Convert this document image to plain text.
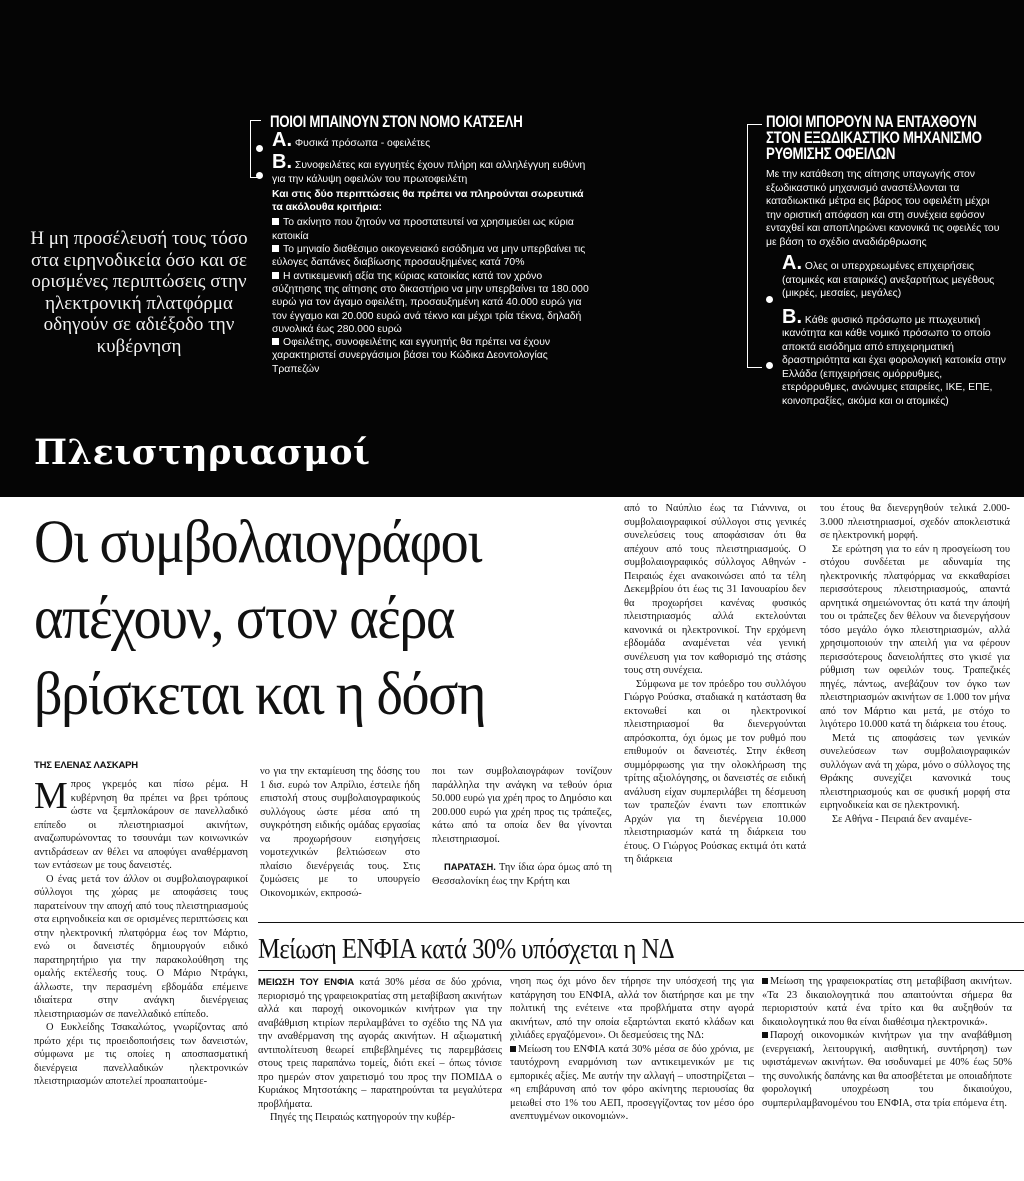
Η μη προσέλευσή τους τόσο στα ειρηνοδικεία όσο και σε ορισμένες περιπτώσεις στην ηλεκτρονική πλατφόρμα οδηγούν σε αδιέξοδο την κυβέρνηση
Πλειστηριασμοί
ΠΟΙΟΙ ΜΠΑΙΝΟΥΝ ΣΤΟΝ ΝΟΜΟ ΚΑΤΣΕΛΗ
Α. Φυσικά πρόσωπα - οφειλέτες
Β. Συνοφειλέτες και εγγυητές έχουν πλήρη και αλληλέγγυη ευθύνη για την κάλυψη οφειλών του πρωτοφειλέτη
Και στις δύο περιπτώσεις θα πρέπει να πληρούνται σωρευτικά τα ακόλουθα κριτήρια:
Το ακίνητο που ζητούν να προστατευτεί να χρησιμεύει ως κύρια κατοικία
Το μηνιαίο διαθέσιμο οικογενειακό εισόδημα να μην υπερβαίνει τις εύλογες δαπάνες διαβίωσης προσαυξημένες κατά 70%
Η αντικειμενική αξία της κύριας κατοικίας κατά τον χρόνο σύζητησης της αίτησης στο δικαστήριο να μην υπερβαίνει τα 180.000 ευρώ για τον άγαμο οφειλέτη, προσαυξημένη κατά 40.000 ευρώ για τον έγγαμο και 20.000 ευρώ ανά τέκνο και μέχρι τρία τέκνα, δηλαδή συνολικά έως 280.000 ευρώ
Οφειλέτης, συνοφειλέτης και εγγυητής θα πρέπει να έχουν χαρακτηριστεί συνεργάσιμοι βάσει του Κώδικα Δεοντολογίας Τραπεζών
ΠΟΙΟΙ ΜΠΟΡΟΥΝ ΝΑ ΕΝΤΑΧΘΟΥΝ
ΣΤΟΝ ΕΞΩΔΙΚΑΣΤΙΚΟ ΜΗΧΑΝΙΣΜΟ
ΡΥΘΜΙΣΗΣ ΟΦΕΙΛΩΝ
Με την κατάθεση της αίτησης υπαγωγής στον εξωδικαστικό μηχανισμό αναστέλλονται τα καταδιωκτικά μέτρα εις βάρος του οφειλέτη μέχρι την οριστική απόφαση και στη συνέχεια εφόσον ενταχθεί και αποπληρώνει κανονικά τις οφειλές του με βάση το σχέδιο αναδιάρθρωσης
Α. Ολες οι υπερχρεωμένες επιχειρήσεις (ατομικές και εταιρικές) ανεξαρτήτως μεγέθους (μικρές, μεσαίες, μεγάλες)
Β. Κάθε φυσικό πρόσωπο με πτωχευτική ικανότητα και κάθε νομικό πρόσωπο το οποίο αποκτά εισόδημα από επιχειρηματική δραστηριότητα και έχει φορολογική κατοικία στην Ελλάδα (επιχειρήσεις ομόρρυθμες, ετερόρρυθμες, ανώνυμες εταιρείες, ΙΚΕ, ΕΠΕ, κοινοπραξίες, ακόμα και οι ατομικές)
Οι συμβολαιογράφοι
απέχουν, στον αέρα
βρίσκεται και η δόση
ΤΗΣ ΕΛΕΝΑΣ ΛΑΣΚΑΡΗ

Μπρος γκρεμός και πίσω ρέμα. Η κυβέρνηση θα πρέπει να βρει τρόπους ώστε να ξεμπλοκάρουν σε πανελλαδικό επίπεδο οι πλειστηριασμοί ακινήτων, αναζωπυρώνοντας το τσουνάμι των κοινωνικών αντιδράσεων αν θέλει να αποφύγει αναθέρμανση των εντάσεων με τους δανειστές.

Ο ένας μετά τον άλλον οι συμβολαιογραφικοί σύλλογοι της χώρας με αποφάσεις τους παρατείνουν την αποχή από τους πλειστηριασμούς στα ειρηνοδικεία και σε ορισμένες περιπτώσεις και στην ηλεκτρονική πλατφόρμα έως τον Μάρτιο, ενώ οι δανειστές δημιουργούν ειδικό παρατηρητήριο για την παρακολούθηση της ομαλής εκτέλεσής τους. Ο Μάριο Ντράγκι, άλλωστε, την περασμένη εβδομάδα επέμεινε ιδιαίτερα στην ανάγκη διενέργειας πλειστηριασμών σε πανελλαδικό επίπεδο.

Ο Ευκλείδης Τσακαλώτος, γνωρίζοντας από πρώτο χέρι τις προειδοποιήσεις των δανειστών, σύμφωνα με τις οποίες η αποσπασματική διενέργεια πανελλαδικών ηλεκτρονικών πλειστηριασμών αποτελεί προαπαιτούμε-

νο για την εκταμίευση της δόσης του 1 δισ. ευρώ τον Απρίλιο, έστειλε ήδη επιστολή στους συμβολαιογραφικούς συλλόγους ώστε μέσα από τη συγκρότηση ειδικής ομάδας εργασίας να προχωρήσουν εισηγήσεις νομοτεχνικών βελτιώσεων στο πλαίσιο διενέργειάς τους. Στις ζυμώσεις με το υπουργείο Οικονομικών, εκπροσώ-

ποι των συμβολαιογράφων τονίζουν παράλληλα την ανάγκη να τεθούν όρια 50.000 ευρώ για χρέη προς το Δημόσιο και 200.000 ευρώ για χρέη προς τις τράπεζες, κάτω από τα οποία δεν θα γίνονται πλειστηριασμοί.

ΠΑΡΑΤΑΣΗ. Την ίδια ώρα όμως από τη Θεσσαλονίκη έως την Κρήτη και

από το Ναύπλιο έως τα Γιάννινα, οι συμβολαιογραφικοί σύλλογοι στις γενικές συνελεύσεις τους αποφάσισαν ότι θα απέχουν από τους πλειστηριασμούς. Ο συμβολαιογραφικός σύλλογος Αθηνών - Πειραιώς έχει ανακοινώσει από τα τέλη Δεκεμβρίου ότι έως τις 31 Ιανουαρίου δεν θα προχωρήσει κανένας φυσικός πλειστηριασμός αλλά εκτελούνται κανονικά οι ηλεκτρονικοί. Την ερχόμενη εβδομάδα αναμένεται νέα γενική συνέλευση για τον καθορισμό της στάσης τους στη συνέχεια.

Σύμφωνα με τον πρόεδρο του συλλόγου Γιώργο Ρούσκα, σταδιακά η κατάσταση θα εκτονωθεί και οι ηλεκτρονικοί πλειστηριασμοί θα διενεργούνται απρόσκοπτα, όχι όμως με τον ρυθμό που επιθυμούν οι δανειστές. Στην έκθεση συμμόρφωσης για την ολοκλήρωση της τρίτης αξιολόγησης, οι δανειστές σε ειδική ανάλυση είχαν συμπεριλάβει τη δέσμευση των τραπεζών έναντι των εποπτικών Αρχών για τη διενέργεια 10.000 πλειστηριασμών κατά τη διάρκεια του έτους. Ο Γιώργος Ρούσκας εκτιμά ότι κατά τη διάρκεια

του έτους θα διενεργηθούν τελικά 2.000-3.000 πλειστηριασμοί, σχεδόν αποκλειστικά σε ηλεκτρονική μορφή.

Σε ερώτηση για το εάν η προσγείωση του στόχου συνδέεται με αδυναμία της ηλεκτρονικής πλατφόρμας να εκκαθαρίσει περισσότερους πλειστηριασμούς, απαντά αρνητικά σημειώνοντας ότι κατά την άποψή του οι τράπεζες δεν θέλουν να διενεργήσουν τόσο μεγάλο όγκο πλειστηριασμών, αλλά χρησιμοποιούν την απειλή για να φέρουν περισσότερους δανειολήπτες στο γκισέ για ρύθμιση των οφειλών τους. Τραπεζικές πηγές, πάντως, ανεβάζουν τον όγκο των πλειστηριασμών ακινήτων σε 1.000 τον μήνα από τον Μάρτιο και μετά, με στόχο το λιγότερο 10.000 κατά τη διάρκεια του έτους.

Μετά τις αποφάσεις των γενικών συνελεύσεων των συμβολαιογραφικών συλλόγων ανά τη χώρα, μόνο ο σύλλογος της Θράκης συνεχίζει κανονικά τους πλειστηριασμούς και σε φυσική μορφή στα ειρηνοδικεία και σε ηλεκτρονική.

Σε Αθήνα - Πειραιά δεν αναμένε-

Μείωση ΕΝΦΙΑ κατά 30% υπόσχεται η ΝΔ

ΜΕΙΩΣΗ ΤΟΥ ΕΝΦΙΑ κατά 30% μέσα σε δύο χρόνια, περιορισμό της γραφειοκρατίας στη μεταβίβαση ακινήτων αλλά και παροχή οικονομικών κινήτρων για την αναβάθμιση κτιρίων περιλαμβάνει το σχέδιο της ΝΔ για την αναθέρμανση της αγοράς ακινήτων. Η αξιωματική αντιπολίτευση θεωρεί επιβεβλημένες τις παρεμβάσεις στους τρεις παραπάνω τομείς, διότι εκεί – όπως τόνισε προ ημερών στον χαιρετισμό του προς την ΠΟΜΙΔΑ ο Κυριάκος Μητσοτάκης – παρατηρούνται τα μεγαλύτερα προβλήματα.

Πηγές της Πειραιώς κατηγορούν την κυβέρ-

νηση πως όχι μόνο δεν τήρησε την υπόσχεσή της για κατάργηση του ΕΝΦΙΑ, αλλά τον διατήρησε και με την πολιτική της ενέτεινε «τα προβλήματα στην αγορά ακινήτων, από την οποία εξαρτώνται εκατό κλάδων και χιλιάδες εργαζόμενοι». Οι δεσμεύσεις της ΝΔ:

Μείωση του ΕΝΦΙΑ κατά 30% μέσα σε δύο χρόνια, με ταυτόχρονη εναρμόνιση των αντικειμενικών με τις εμπορικές αξίες. Με αυτήν την αλλαγή – υποστηρίζεται – «η επιβάρυνση από τον φόρο ακίνητης περιουσίας θα μειωθεί στο 1% του ΑΕΠ, προσεγγίζοντας τον μέσο όρο ανεπτυγμένων οικονομιών».

Μείωση της γραφειοκρατίας στη μεταβίβαση ακινήτων. «Τα 23 δικαιολογητικά που απαιτούνται σήμερα θα περιοριστούν κατά ένα τρίτο και θα αυξηθούν τα δικαιολογητικά που θα είναι διαθέσιμα ηλεκτρονικά».

Παροχή οικονομικών κινήτρων για την αναβάθμιση (ενεργειακή, λειτουργική, αισθητική, συντήρηση) των υφιστάμενων ακινήτων. Θα ισοδυναμεί με 40% έως 50% της συνολικής δαπάνης και θα αποσβέτεται με οποιαδήποτε φορολογική υποχρέωση του δικαιούχου, συμπεριλαμβανομένου του ΕΝΦΙΑ, στα τρία επόμενα έτη.
